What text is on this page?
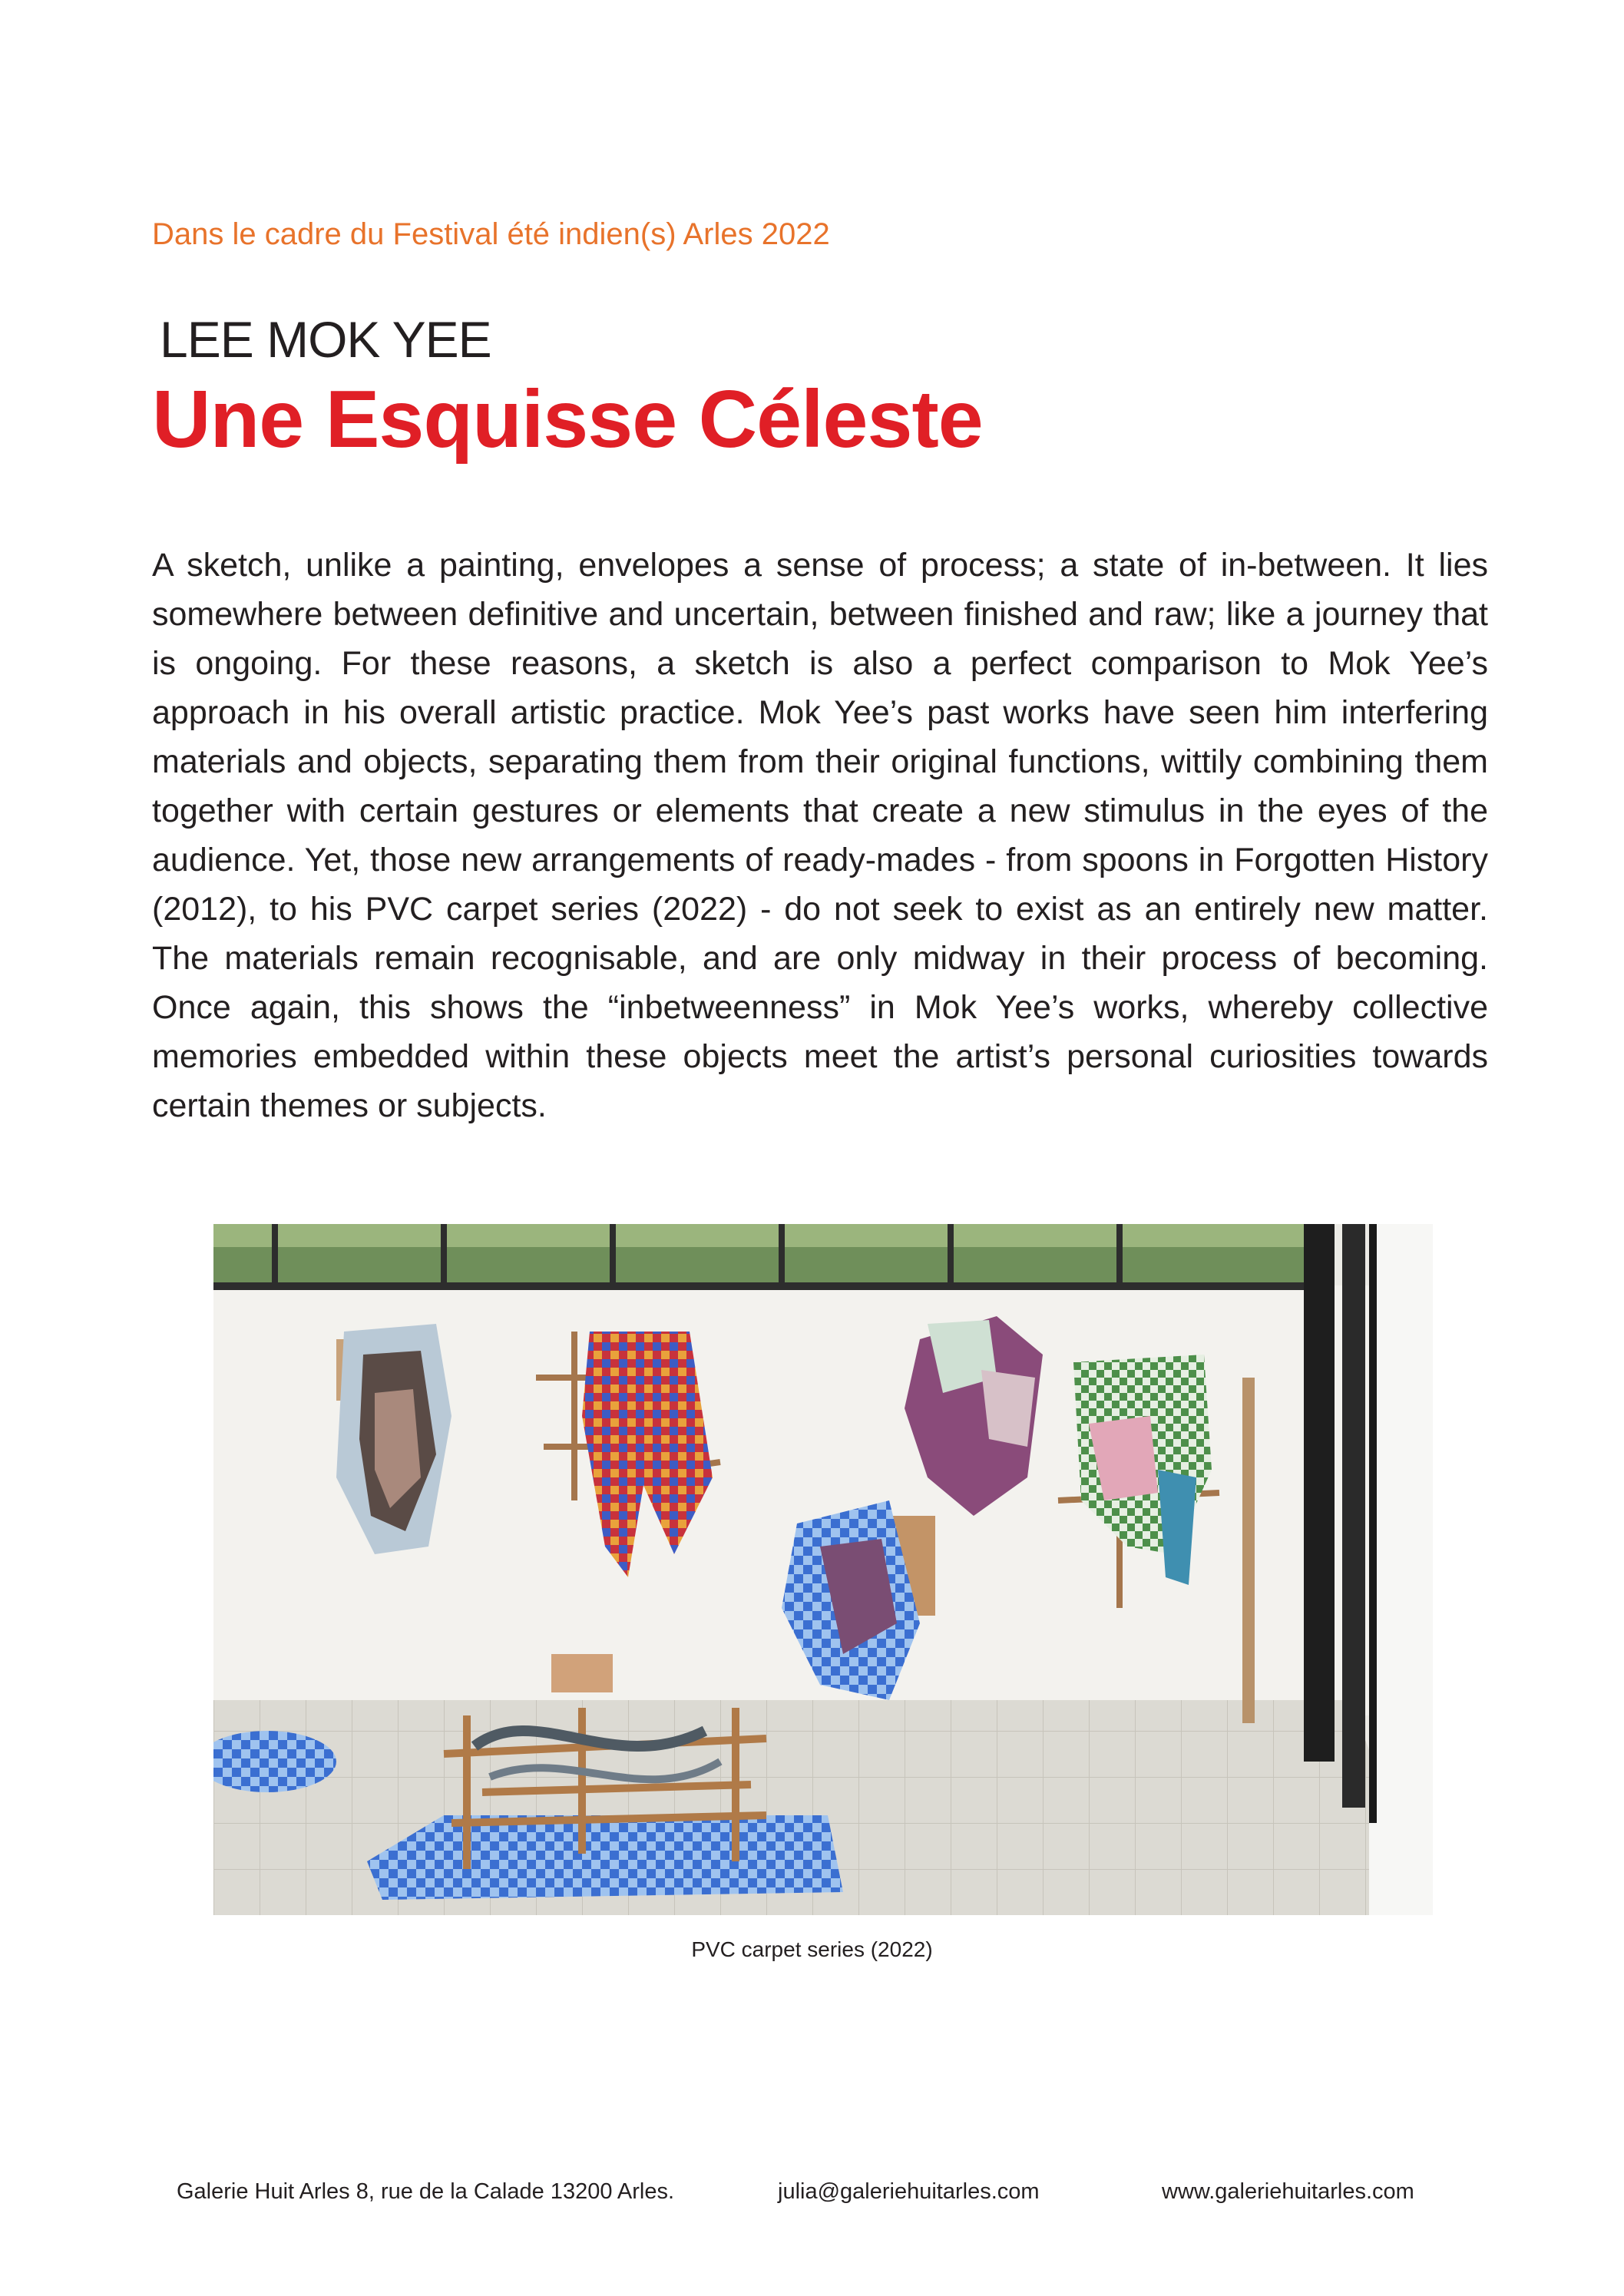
Dans le cadre du Festival été indien(s) Arles 2022
LEE MOK YEE
Une Esquisse Céleste

A sketch, unlike a painting, envelopes a sense of process; a state of in-between. It lies somewhere between definitive and uncertain, between finished and raw; like a journey that is ongoing. For these reasons, a sketch is also a perfect comparison to Mok Yee’s approach in his overall artistic practice. Mok Yee’s past works have seen him interfering materials and objects, separating them from their original functions, wittily combining them together with certain gestures or elements that create a new stimulus in the eyes of the audience. Yet, those new arrangements of ready-mades - from spoons in Forgotten History (2012), to his PVC carpet series (2022) - do not seek to exist as an entirely new matter. The materials remain recognisable, and are only midway in their process of becoming. Once again, this shows the “inbetweenness” in Mok Yee’s works, whereby collective memories embedded within these objects meet the artist’s personal curiosities towards certain themes or subjects.

PVC carpet series (2022)
Galerie Huit Arles 8, rue de la Calade 13200 Arles.	julia@galeriehuitarles.com	www.galeriehuitarles.com
